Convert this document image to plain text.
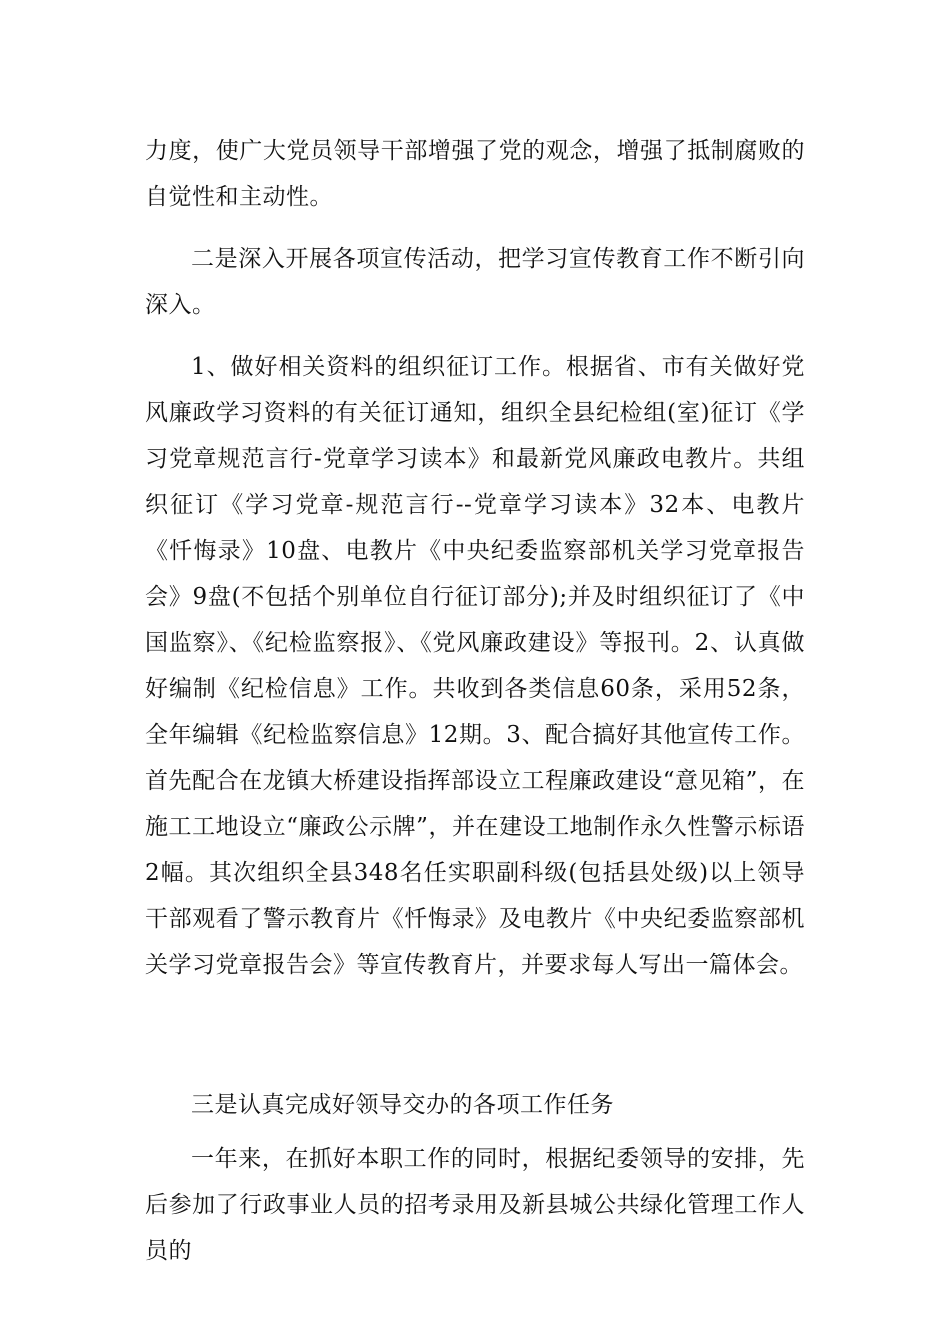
力度，使广大党员领导干部增强了党的观念，增强了抵制腐败的自觉性和主动性。

二是深入开展各项宣传活动，把学习宣传教育工作不断引向深入。

1、做好相关资料的组织征订工作。根据省、市有关做好党风廉政学习资料的有关征订通知，组织全县纪检组(室)征订《学习党章规范言行-党章学习读本》和最新党风廉政电教片。共组织征订《学习党章-规范言行--党章学习读本》32本、电教片《忏悔录》10盘、电教片《中央纪委监察部机关学习党章报告会》9盘(不包括个别单位自行征订部分);并及时组织征订了《中国监察》、《纪检监察报》、《党风廉政建设》等报刊。2、认真做好编制《纪检信息》工作。共收到各类信息60条，采用52条，全年编辑《纪检监察信息》12期。3、配合搞好其他宣传工作。首先配合在龙镇大桥建设指挥部设立工程廉政建设“意见箱”，在施工工地设立“廉政公示牌”，并在建设工地制作永久性警示标语2幅。其次组织全县348名任实职副科级(包括县处级)以上领导干部观看了警示教育片《忏悔录》及电教片《中央纪委监察部机关学习党章报告会》等宣传教育片，并要求每人写出一篇体会。

三是认真完成好领导交办的各项工作任务

一年来，在抓好本职工作的同时，根据纪委领导的安排，先后参加了行政事业人员的招考录用及新县城公共绿化管理工作人员的
